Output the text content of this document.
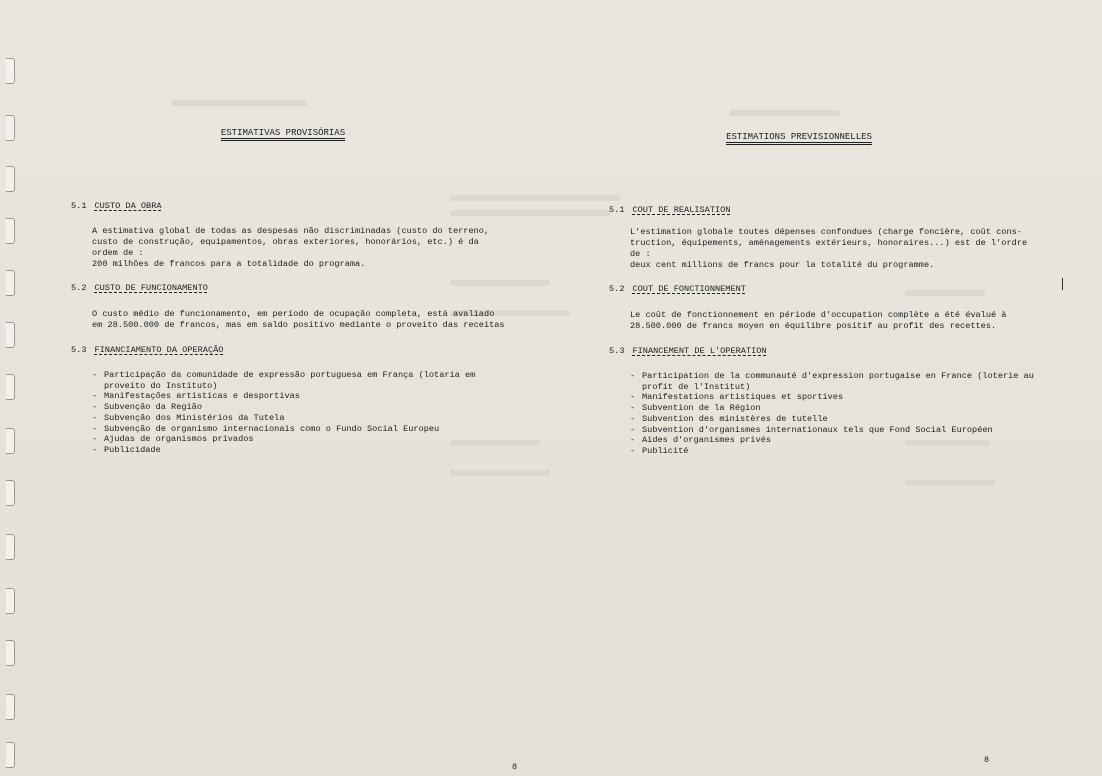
ESTIMATIVAS PROVISÓRIAS

5.1 CUSTO DA OBRA

A estimativa global de todas as despesas não discriminadas (custo do terreno,
custo de construção, equipamentos, obras exteriores, honorários, etc.) é da
ordem de :
200 milhões de francos para a totalidade do programa.

5.2 CUSTO DE FUNCIONAMENTO

O custo médio de funcionamento, em período de ocupação completa, está avaliado
em 28.500.000 de francos, mas em saldo positivo mediante o proveito das receitas

5.3 FINANCIAMENTO DA OPERAÇÃO

- Participação da comunidade de expressão portuguesa em França (lotaria em
proveito do Instituto)
- Manifestações artísticas e desportivas
- Subvenção da Região
- Subvenção dos Ministérios da Tutela
- Subvenção de organismo internacionais como o Fundo Social Europeu
- Ajudas de organismos privados
- Publicidade

ESTIMATIONS PREVISIONNELLES

5.1 COUT DE REALISATION

L'estimation globale toutes dépenses confondues (charge foncière, coût cons-
truction, équipements, aménagements extérieurs, honoraires...) est de l'ordre
de :
deux cent millions de francs pour la totalité du programme.

5.2 COUT DE FONCTIONNEMENT

Le coût de fonctionnement en période d'occupation complète a été évalué à
28.500.000 de francs moyen en équilibre positif au profit des recettes.

5.3 FINANCEMENT DE L'OPERATION

- Participation de la communauté d'expression portugaise en France (loterie au
profit de l'Institut)
- Manifestations artistiques et sportives
- Subvention de la Région
- Subvention des ministères de tutelle
- Subvention d'organismes internationaux tels que Fond Social Européen
- Aides d'organismes privés
- Publicité
8
8
